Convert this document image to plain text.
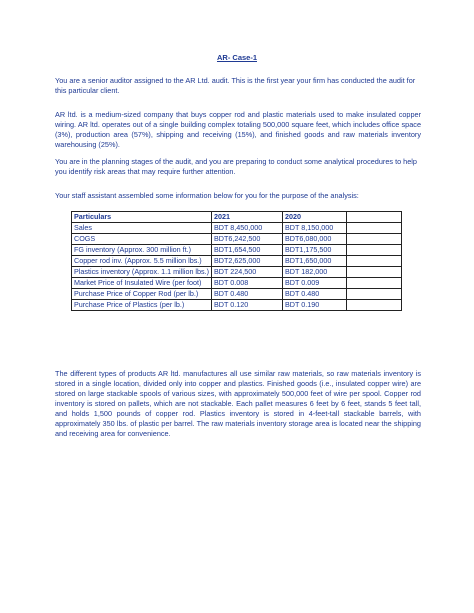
AR- Case-1

You are a senior auditor assigned to the AR Ltd. audit. This is the first year your firm has conducted the audit for this particular client.

AR ltd. is a medium-sized company that buys copper rod and plastic materials used to make insulated copper wiring. AR ltd. operates out of a single building complex totaling 500,000 square feet, which includes office space (3%), production area (57%), shipping and receiving (15%), and finished goods and raw materials inventory warehousing (25%).

You are in the planning stages of the audit, and you are preparing to conduct some analytical procedures to help you identify risk areas that may require further attention.

Your staff assistant assembled some information below for you for the purpose of the analysis:

Particulars	2021	2020	
Sales	BDT 8,450,000	BDT 8,150,000	
COGS	BDT6,242,500	BDT6,080,000	
FG inventory (Approx. 300 million ft.)	BDT1,654,500	BDT1,175,500	
Copper rod inv. (Approx. 5.5 million lbs.)	BDT2,625,000	BDT1,650,000	
Plastics inventory (Approx. 1.1 million lbs.)	BDT 224,500	BDT 182,000	
Market Price of Insulated Wire (per foot)	BDT 0.008	BDT 0.009	
Purchase Price of Copper Rod (per lb.)	BDT 0.480	BDT 0.480	
Purchase Price of Plastics (per lb.)	BDT 0.120	BDT 0.190	

The different types of products AR ltd. manufactures all use similar raw materials, so raw materials inventory is stored in a single location, divided only into copper and plastics. Finished goods (i.e., insulated copper wire) are stored on large stackable spools of various sizes, with approximately 500,000 feet of wire per spool. Copper rod inventory is stored on pallets, which are not stackable. Each pallet measures 6 feet by 6 feet, stands 5 feet tall, and holds 1,500 pounds of copper rod. Plastics inventory is stored in 4-feet-tall stackable barrels, with approximately 350 lbs. of plastic per barrel. The raw materials inventory storage area is located near the shipping and receiving area for convenience.
